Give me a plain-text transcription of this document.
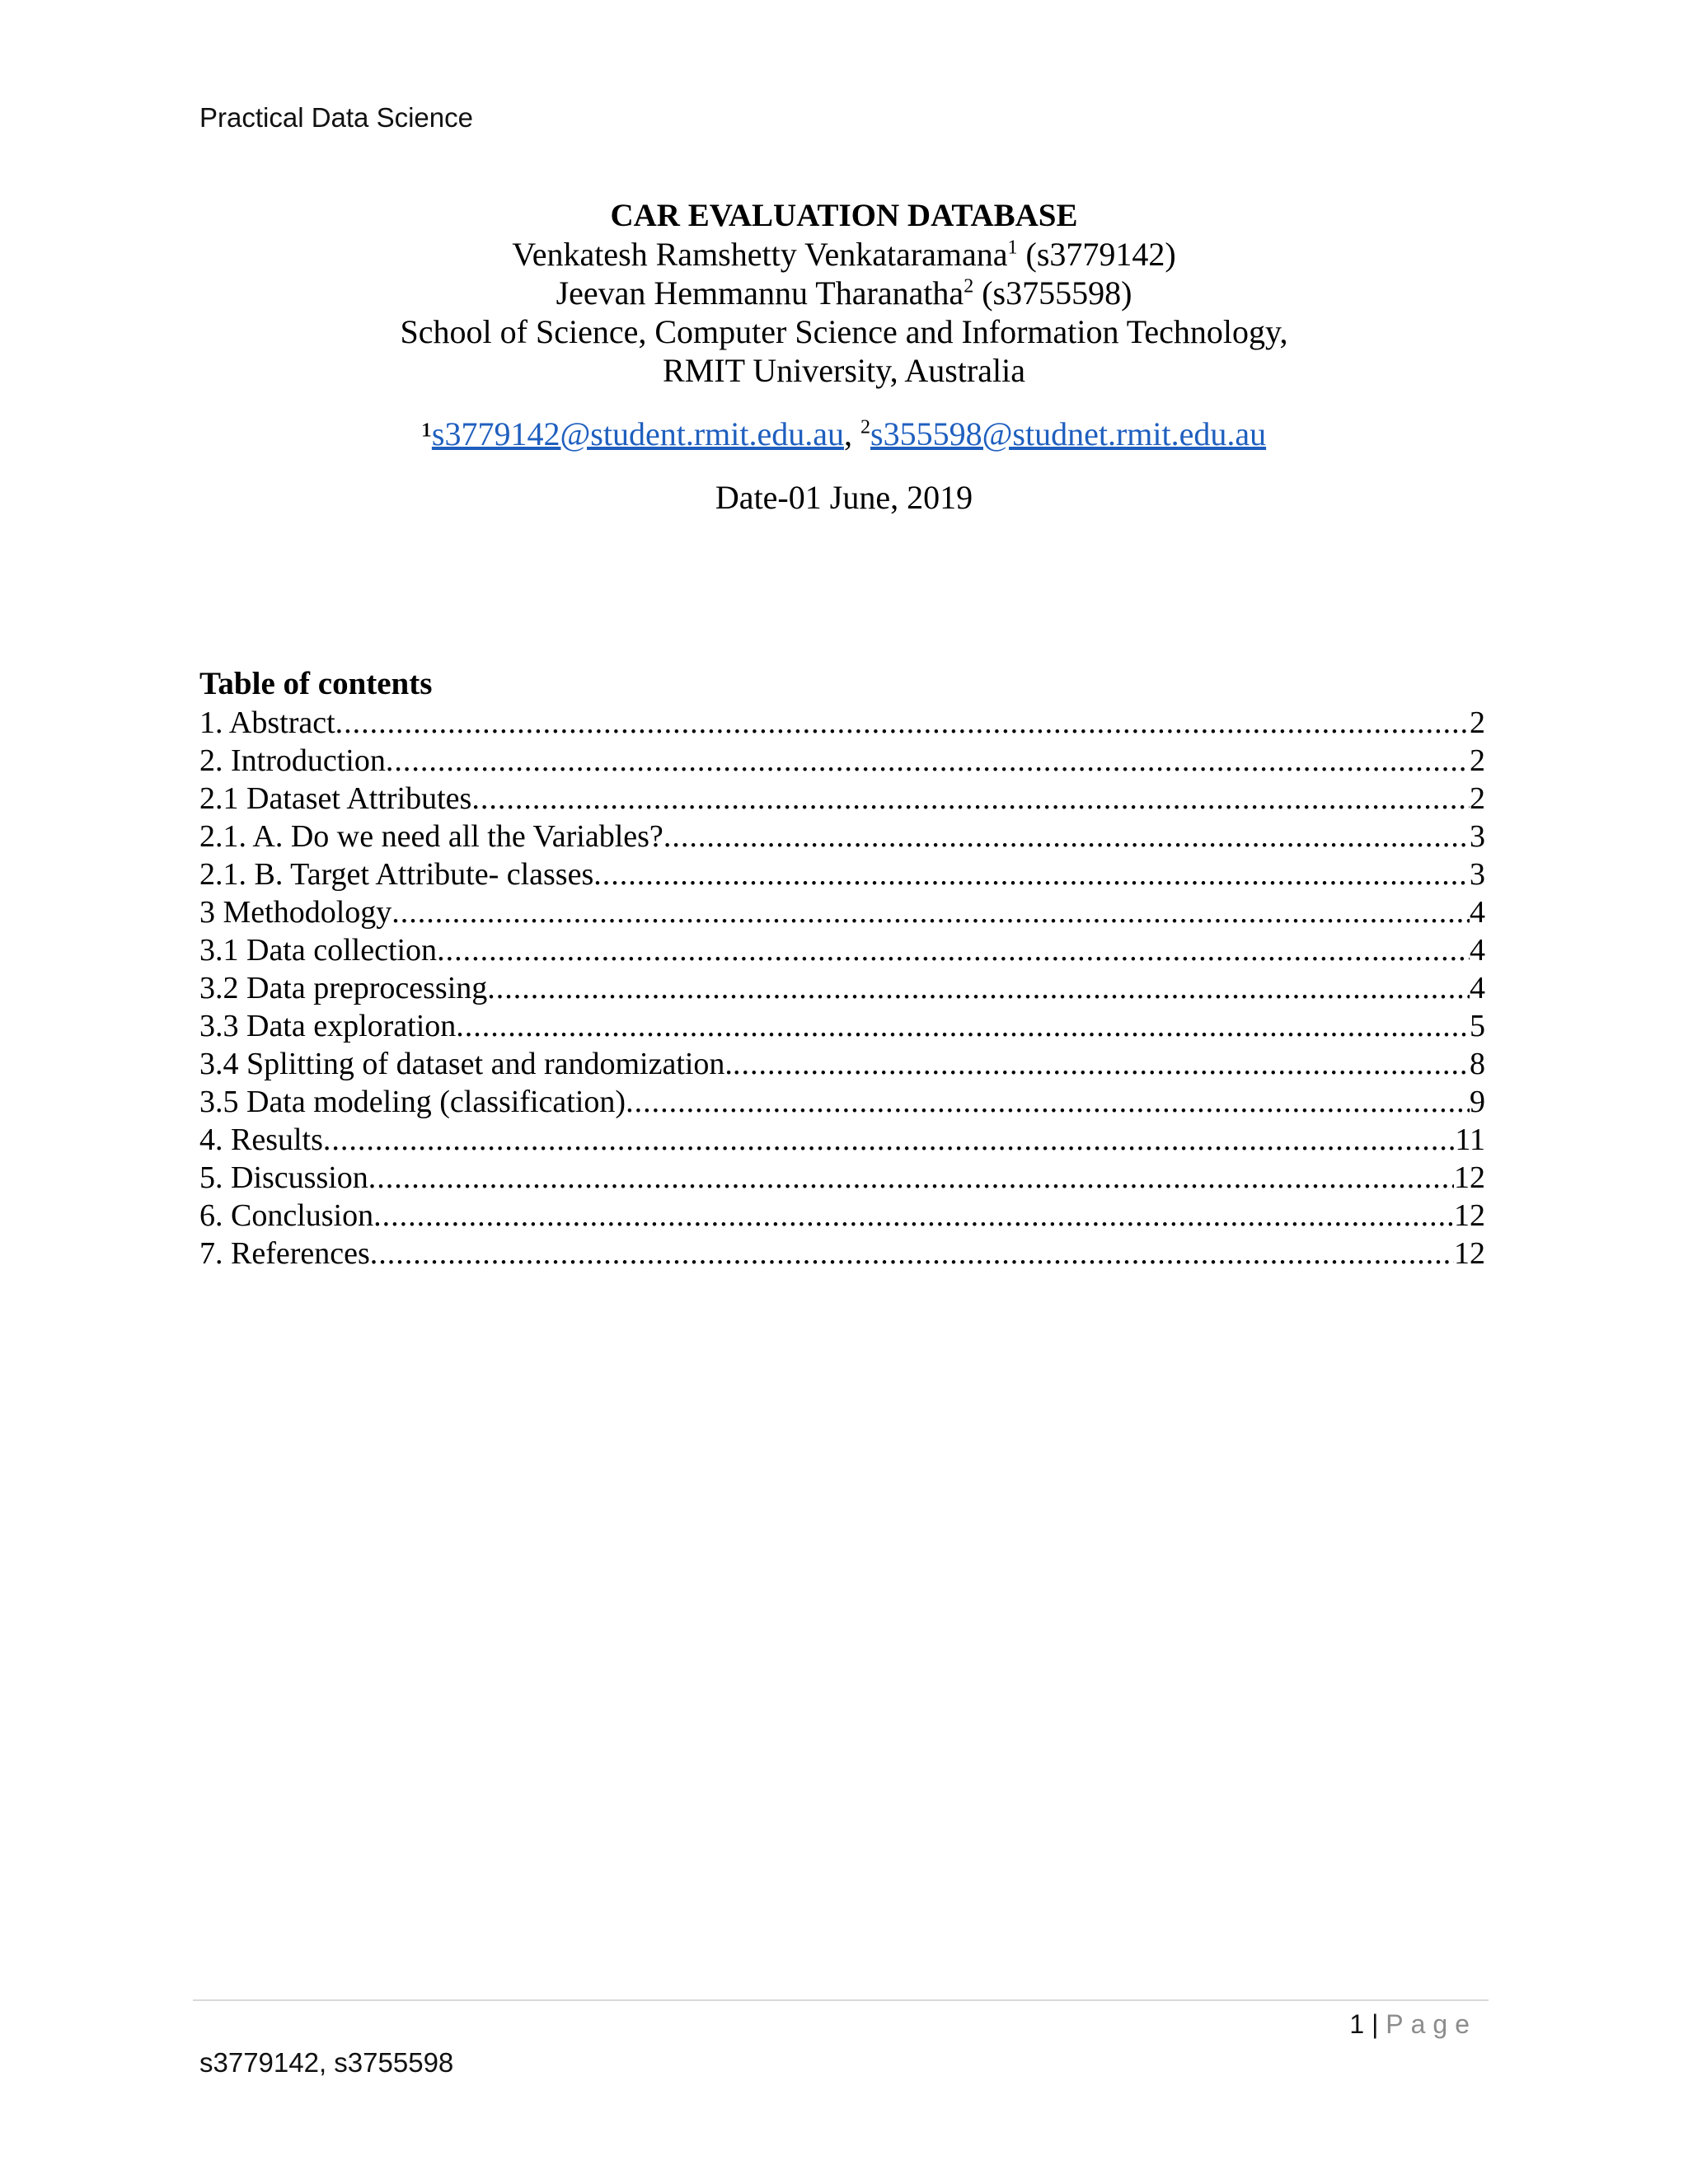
Practical Data Science
CAR EVALUATION DATABASE
Venkatesh Ramshetty Venkataramana$^1$ (s3779142)
Jeevan Hemmannu Tharanatha$^2$ (s3755598)
School of Science, Computer Science and Information Technology,
RMIT University, Australia
¹s3779142@student.rmit.edu.au, $^2$s355598@studnet.rmit.edu.au
Date-01 June, 2019
Table of contents
1. Abstract .....	2
2. Introduction .....	2
2.1 Dataset Attributes .....	2
2.1. A. Do we need all the Variables? .....	3
2.1. B. Target Attribute- classes .....	3
3 Methodology .....	4
3.1 Data collection .....	4
3.2 Data preprocessing .....	4
3.3 Data exploration .....	5
3.4 Splitting of dataset and randomization. .....	8
3.5 Data modeling (classification) .....	9
4. Results .....	11
5. Discussion .....	12
6. Conclusion .....	12
7. References .....	12
1 | Page
s3779142, s3755598
